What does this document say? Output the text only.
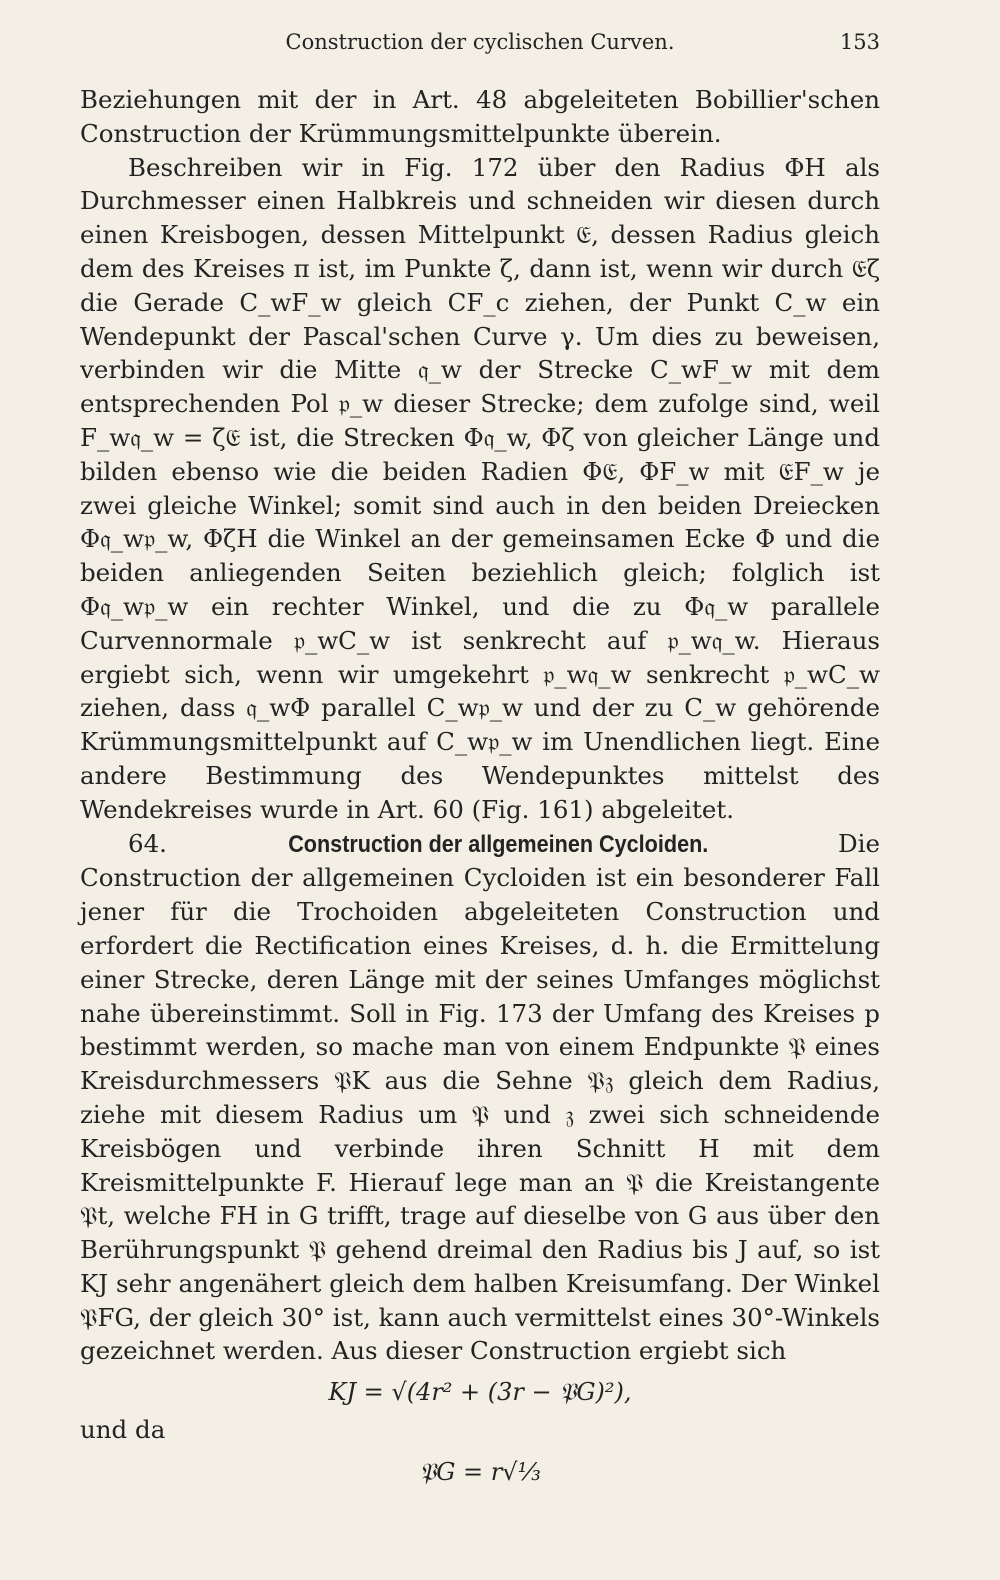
Construction der cyclischen Curven.	153

Beziehungen mit der in Art. 48 abgeleiteten Bobillier'schen Construction der Krümmungsmittelpunkte überein.

Beschreiben wir in Fig. 172 über den Radius ΦH als Durchmesser einen Halbkreis und schneiden wir diesen durch einen Kreisbogen, dessen Mittelpunkt 𝔈, dessen Radius gleich dem des Kreises π ist, im Punkte ζ, dann ist, wenn wir durch 𝔈ζ die Gerade C_wF_w gleich CF_c ziehen, der Punkt C_w ein Wendepunkt der Pascal'schen Curve γ. Um dies zu beweisen, verbinden wir die Mitte 𝔮_w der Strecke C_wF_w mit dem entsprechenden Pol 𝔭_w dieser Strecke; dem zufolge sind, weil F_w𝔮_w = ζ𝔈 ist, die Strecken Φ𝔮_w, Φζ von gleicher Länge und bilden ebenso wie die beiden Radien Φ𝔈, ΦF_w mit 𝔈F_w je zwei gleiche Winkel; somit sind auch in den beiden Dreiecken Φ𝔮_w𝔭_w, ΦζH die Winkel an der gemeinsamen Ecke Φ und die beiden anliegenden Seiten beziehlich gleich; folglich ist Φ𝔮_w𝔭_w ein rechter Winkel, und die zu Φ𝔮_w parallele Curvennormale 𝔭_wC_w ist senkrecht auf 𝔭_w𝔮_w. Hieraus ergiebt sich, wenn wir umgekehrt 𝔭_w𝔮_w senkrecht 𝔭_wC_w ziehen, dass 𝔮_wΦ parallel C_w𝔭_w und der zu C_w gehörende Krümmungsmittelpunkt auf C_w𝔭_w im Unendlichen liegt. Eine andere Bestimmung des Wendepunktes mittelst des Wendekreises wurde in Art. 60 (Fig. 161) abgeleitet.

64.	Construction der allgemeinen Cycloiden.	Die Construction der allgemeinen Cycloiden ist ein besonderer Fall jener für die Trochoiden abgeleiteten Construction und erfordert die Rectification eines Kreises, d. h. die Ermittelung einer Strecke, deren Länge mit der seines Umfanges möglichst nahe übereinstimmt. Soll in Fig. 173 der Umfang des Kreises p bestimmt werden, so mache man von einem Endpunkte 𝔓 eines Kreisdurchmessers 𝔓K aus die Sehne 𝔓𝔷 gleich dem Radius, ziehe mit diesem Radius um 𝔓 und 𝔷 zwei sich schneidende Kreisbögen und verbinde ihren Schnitt H mit dem Kreismittelpunkte F. Hierauf lege man an 𝔓 die Kreistangente 𝔓t, welche FH in G trifft, trage auf dieselbe von G aus über den Berührungspunkt 𝔓 gehend dreimal den Radius bis J auf, so ist KJ sehr angenähert gleich dem halben Kreisumfang. Der Winkel 𝔓FG, der gleich 30° ist, kann auch vermittelst eines 30°-Winkels gezeichnet werden. Aus dieser Construction ergiebt sich

KJ = √(4r² + (3r − 𝔓G)²),
und da
𝔓G = r√⅓
